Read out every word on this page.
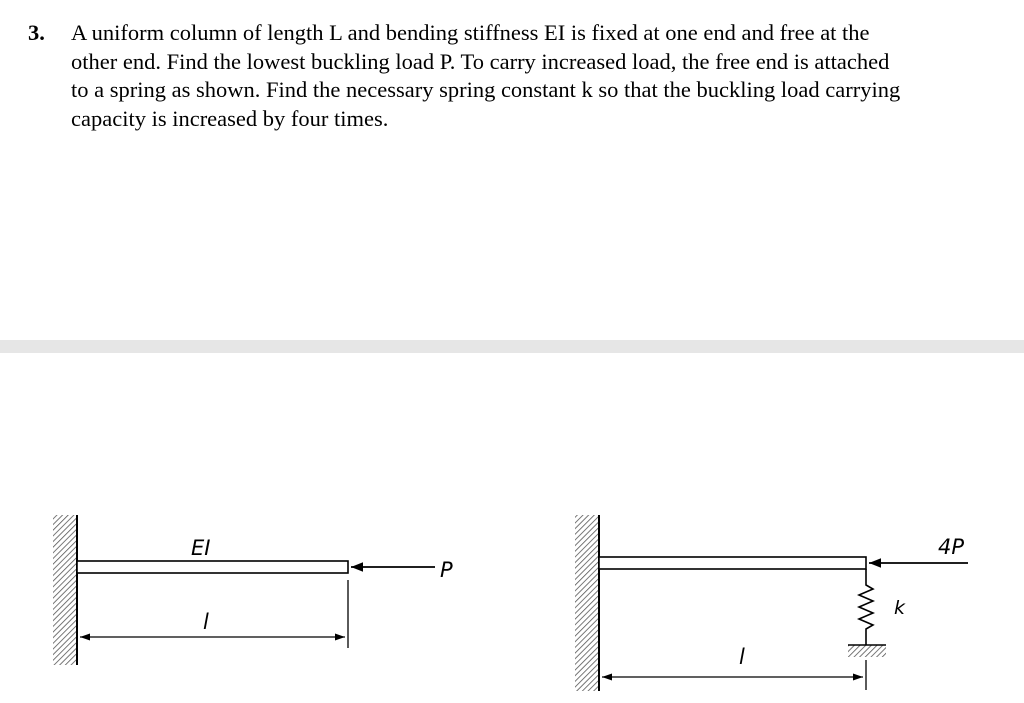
3. A uniform column of length L and bending stiffness EI is fixed at one end and free at the
other end. Find the lowest buckling load P. To carry increased load, the free end is attached
to a spring as shown. Find the necessary spring constant k so that the buckling load carrying
capacity is increased by four times.
EI
P
l
4P
k
l
